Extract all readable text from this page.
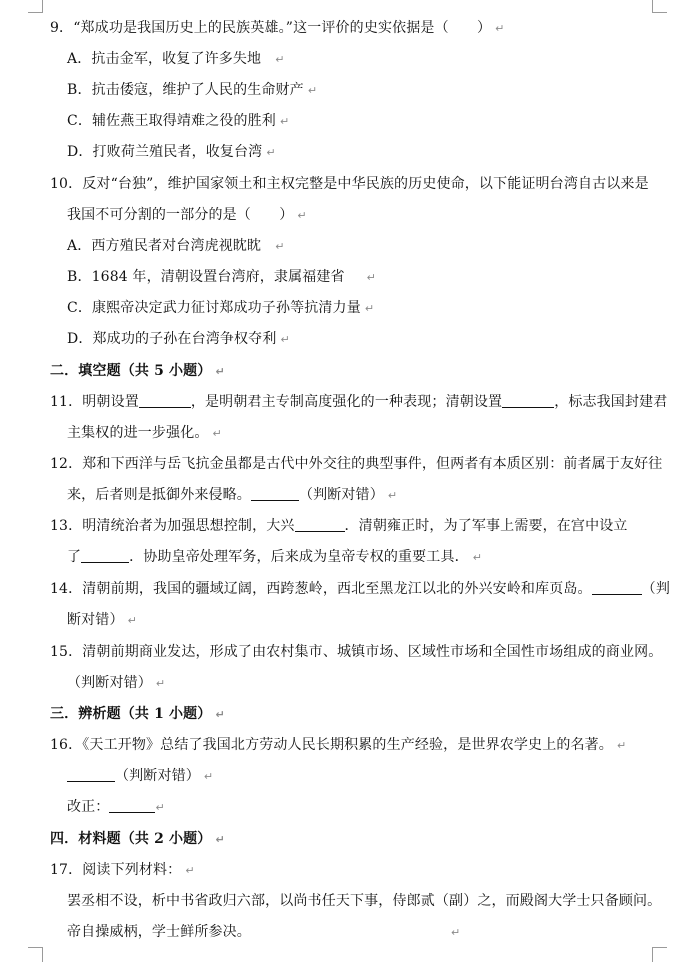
9．“郑成功是我国历史上的民族英雄。”这一评价的史实依据是（　　） ↵
A．抗击金军，收复了许多失地 ↵
B．抗击倭寇，维护了人民的生命财产 ↵
C．辅佐燕王取得靖难之役的胜利 ↵
D．打败荷兰殖民者，收复台湾 ↵
10．反对“台独”，维护国家领土和主权完整是中华民族的历史使命，以下能证明台湾自古以来是
我国不可分割的一部分的是（　　） ↵
A．西方殖民者对台湾虎视眈眈 ↵
B．1684 年，清朝设置台湾府，隶属福建省 ↵
C．康熙帝决定武力征讨郑成功子孙等抗清力量 ↵
D．郑成功的子孙在台湾争权夺利 ↵
二．填空题（共 5 小题） ↵
11．明朝设置	，是明朝君主专制高度强化的一种表现；清朝设置	，标志我国封建君
主集权的进一步强化。 ↵
12．郑和下西洋与岳飞抗金虽都是古代中外交往的典型事件，但两者有本质区别：前者属于友好往
来，后者则是抵御外来侵略。	（判断对错） ↵
13．明清统治者为加强思想控制，大兴	．清朝雍正时，为了军事上需要，在宫中设立
了	．协助皇帝处理军务，后来成为皇帝专权的重要工具． ↵
14．清朝前期，我国的疆域辽阔，西跨葱岭，西北至黑龙江以北的外兴安岭和库页岛。	（判
断对错） ↵
15．清朝前期商业发达，形成了由农村集市、城镇市场、区域性市场和全国性市场组成的商业网。
（判断对错） ↵
三．辨析题（共 1 小题） ↵
16．《天工开物》总结了我国北方劳动人民长期积累的生产经验，是世界农学史上的名著。 ↵
（判断对错） ↵
改正：	↵
四．材料题（共 2 小题） ↵
17．阅读下列材料： ↵
罢丞相不设，析中书省政归六部，以尚书任天下事，侍郎贰（副）之，而殿阁大学士只备顾问。
帝自操威柄，学士鲜所参决。	↵
